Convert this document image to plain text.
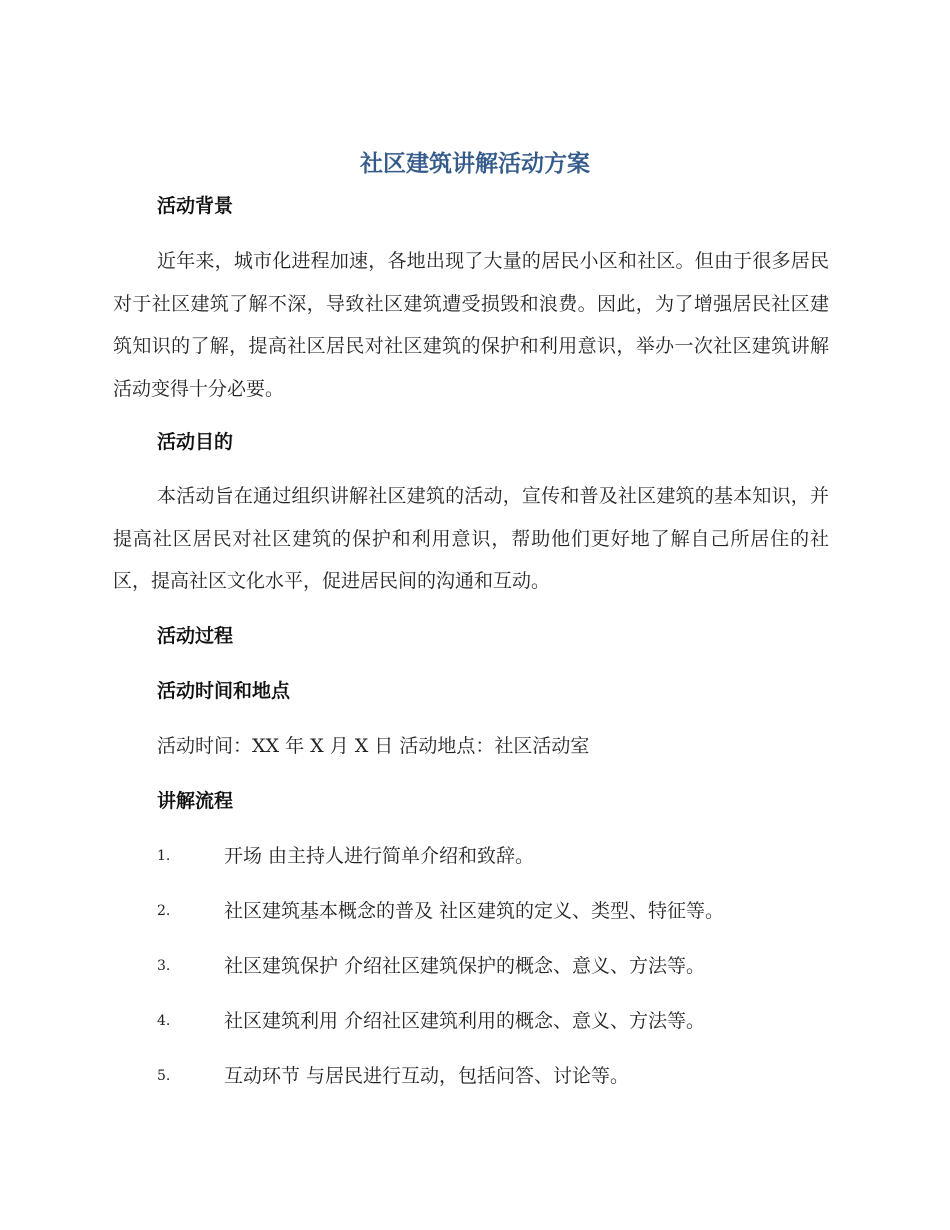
社区建筑讲解活动方案
活动背景

近年来，城市化进程加速，各地出现了大量的居民小区和社区。但由于很多居民对于社区建筑了解不深，导致社区建筑遭受损毁和浪费。因此，为了增强居民社区建筑知识的了解，提高社区居民对社区建筑的保护和利用意识，举办一次社区建筑讲解活动变得十分必要。

活动目的

本活动旨在通过组织讲解社区建筑的活动，宣传和普及社区建筑的基本知识，并提高社区居民对社区建筑的保护和利用意识，帮助他们更好地了解自己所居住的社区，提高社区文化水平，促进居民间的沟通和互动。

活动过程
活动时间和地点

活动时间：XX 年 X 月 X 日 活动地点：社区活动室

讲解流程
1.	开场 由主持人进行简单介绍和致辞。
2.	社区建筑基本概念的普及 社区建筑的定义、类型、特征等。
3.	社区建筑保护 介绍社区建筑保护的概念、意义、方法等。
4.	社区建筑利用 介绍社区建筑利用的概念、意义、方法等。
5.	互动环节 与居民进行互动，包括问答、讨论等。
